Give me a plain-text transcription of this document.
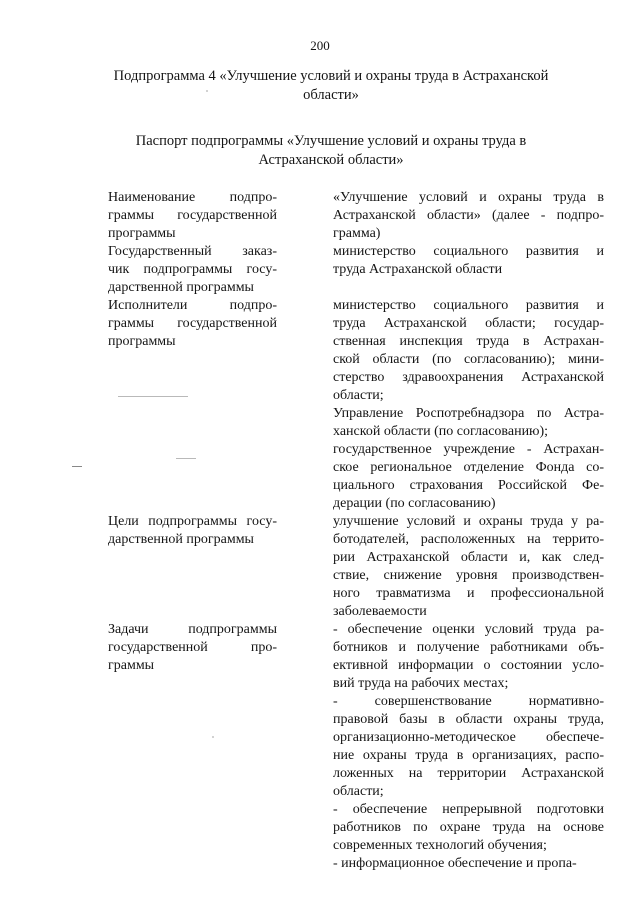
200
Подпрограмма 4 «Улучшение условий и охраны труда в Астраханской области»
Паспорт подпрограммы «Улучшение условий и охраны труда в Астраханской области»
Наименование подпро-
граммы государственной
программы
«Улучшение условий и охраны труда в
Астраханской области» (далее - подпро-
грамма)
Государственный заказ-
чик подпрограммы госу-
дарственной программы
министерство социального развития и
труда Астраханской области
Исполнители подпро-
граммы государственной
программы
министерство социального развития и
труда Астраханской области; государ-
ственная инспекция труда в Астрахан-
ской области (по согласованию); мини-
стерство здравоохранения Астраханской
области;
Управление Роспотребнадзора по Астра-
ханской области (по согласованию);
государственное учреждение - Астрахан-
ское региональное отделение Фонда со-
циального страхования Российской Фе-
дерации (по согласованию)
Цели подпрограммы госу-
дарственной программы
улучшение условий и охраны труда у ра-
ботодателей, расположенных на террито-
рии Астраханской области и, как след-
ствие, снижение уровня производствен-
ного травматизма и профессиональной
заболеваемости
Задачи подпрограммы
государственной про-
граммы
- обеспечение оценки условий труда ра-
ботников и получение работниками объ-
ективной информации о состоянии усло-
вий труда на рабочих местах;
- совершенствование нормативно-
правовой базы в области охраны труда,
организационно-методическое обеспече-
ние охраны труда в организациях, распо-
ложенных на территории Астраханской
области;
- обеспечение непрерывной подготовки
работников по охране труда на основе
современных технологий обучения;
- информационное обеспечение и пропа-
